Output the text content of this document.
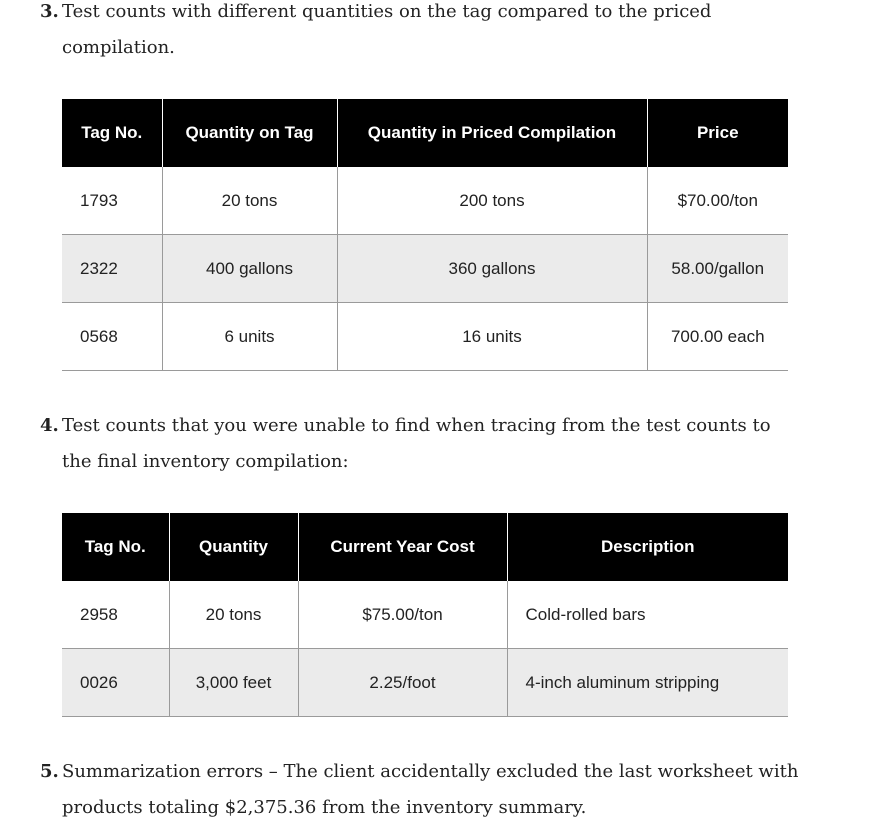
3. Test counts with different quantities on the tag compared to the priced
compilation.

Tag No.	Quantity on Tag	Quantity in Priced Compilation	Price
1793	20 tons	200 tons	$70.00/ton
2322	400 gallons	360 gallons	58.00/gallon
0568	6 units	16 units	700.00 each

4. Test counts that you were unable to find when tracing from the test counts to
the final inventory compilation:

Tag No.	Quantity	Current Year Cost	Description
2958	20 tons	$75.00/ton	Cold-rolled bars
0026	3,000 feet	2.25/foot	4-inch aluminum stripping

5. Summarization errors – The client accidentally excluded the last worksheet with
products totaling $2,375.36 from the inventory summary.
